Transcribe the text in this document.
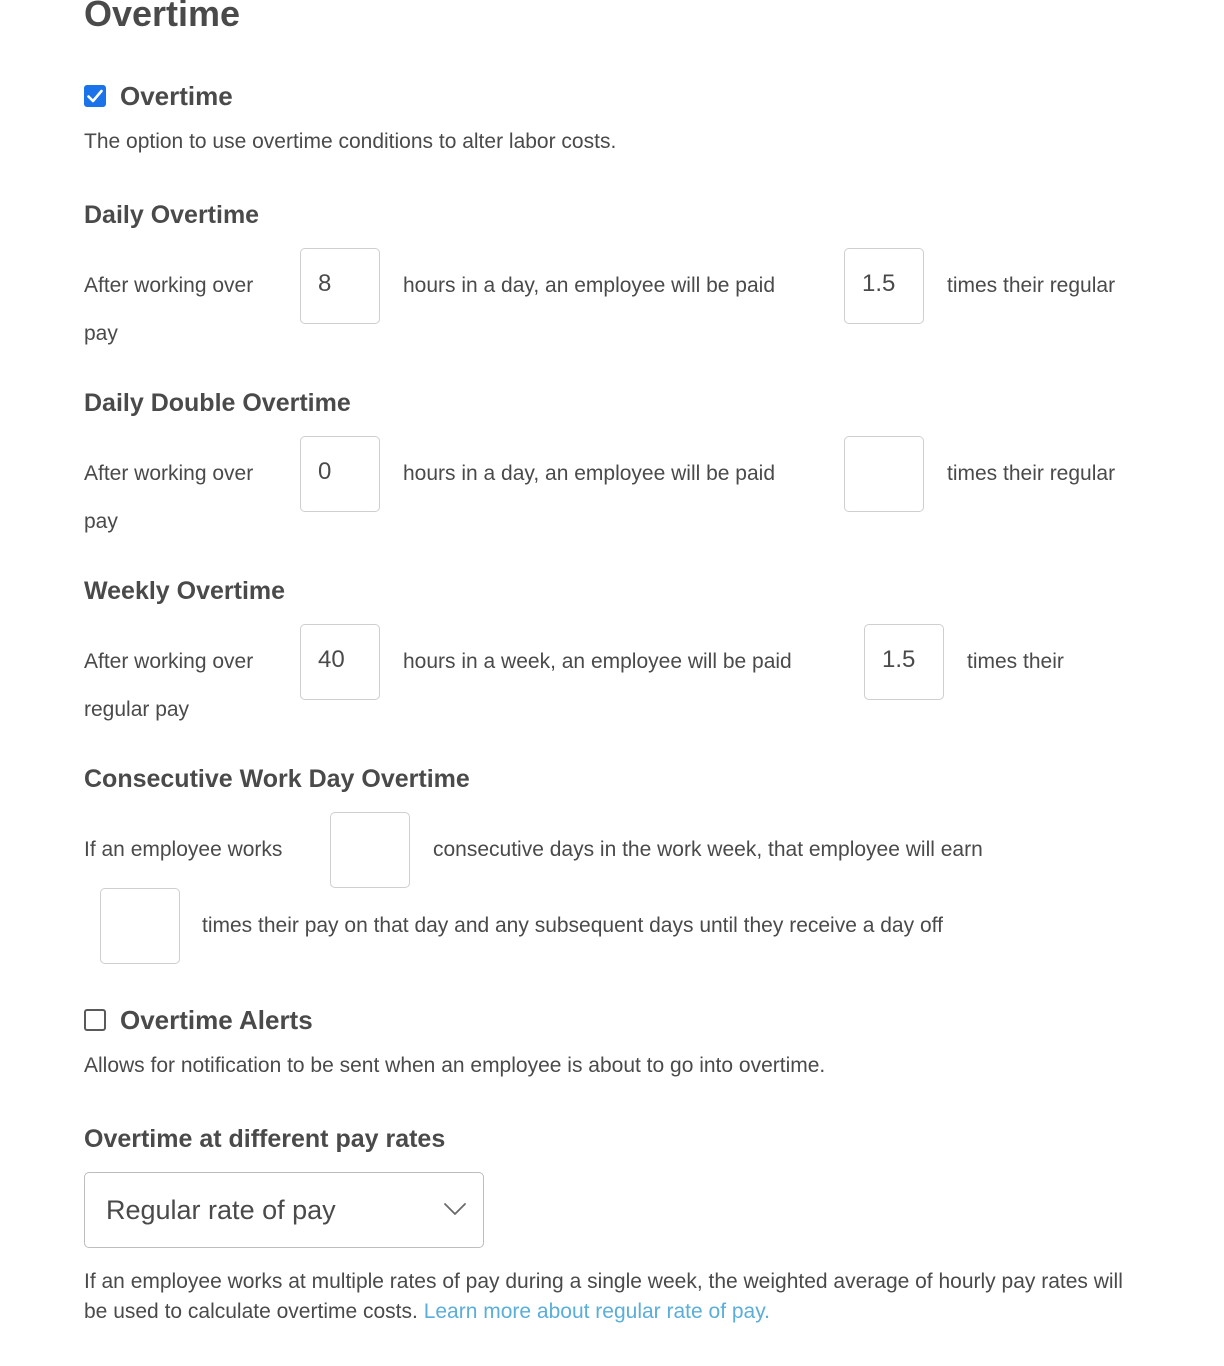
Overtime
Overtime

The option to use overtime conditions to alter labor costs.

Daily Overtime
After working over
8	hours in a day, an employee will be paid
1.5	times their regular
pay
Daily Double Overtime
After working over
0	hours in a day, an employee will be paid	times their regular
pay
Weekly Overtime
After working over
40	hours in a week, an employee will be paid
1.5	times their
regular pay
Consecutive Work Day Overtime
If an employee works	consecutive days in the work week, that employee will earn
times their pay on that day and any subsequent days until they receive a day off
Overtime Alerts

Allows for notification to be sent when an employee is about to go into overtime.

Overtime at different pay rates
Regular rate of pay

If an employee works at multiple rates of pay during a single week, the weighted average of hourly pay rates will be used to calculate overtime costs. Learn more about regular rate of pay.
